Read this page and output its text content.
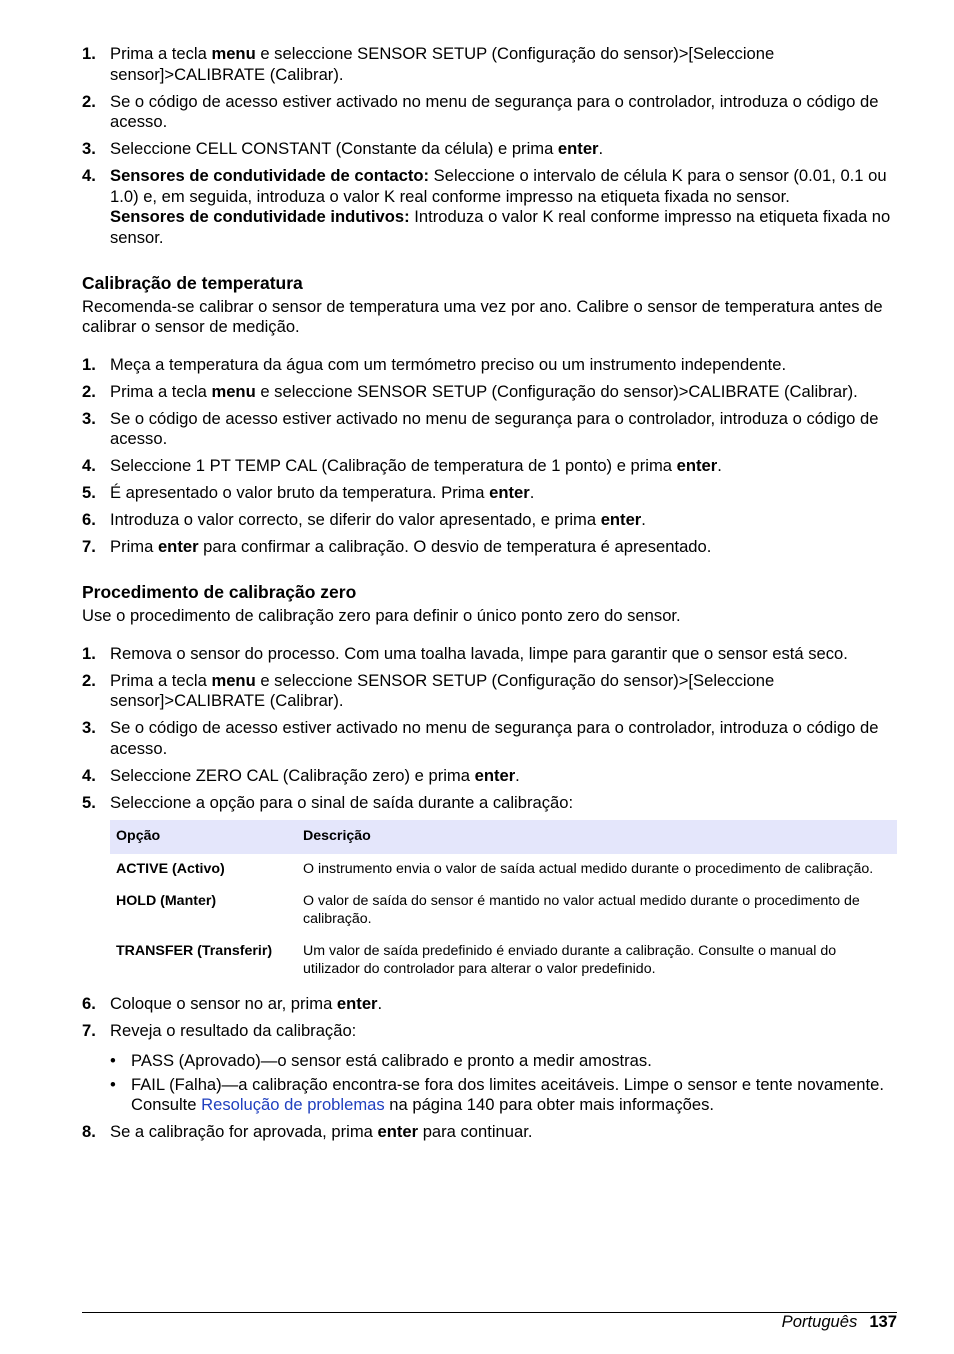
1. Prima a tecla menu e seleccione SENSOR SETUP (Configuração do sensor)>[Seleccione sensor]>CALIBRATE (Calibrar).
2. Se o código de acesso estiver activado no menu de segurança para o controlador, introduza o código de acesso.
3. Seleccione CELL CONSTANT (Constante da célula) e prima enter.
4. Sensores de condutividade de contacto: Seleccione o intervalo de célula K para o sensor (0.01, 0.1 ou 1.0) e, em seguida, introduza o valor K real conforme impresso na etiqueta fixada no sensor.
Sensores de condutividade indutivos: Introduza o valor K real conforme impresso na etiqueta fixada no sensor.
Calibração de temperatura

Recomenda-se calibrar o sensor de temperatura uma vez por ano. Calibre o sensor de temperatura antes de calibrar o sensor de medição.

1. Meça a temperatura da água com um termómetro preciso ou um instrumento independente.
2. Prima a tecla menu e seleccione SENSOR SETUP (Configuração do sensor)>CALIBRATE (Calibrar).
3. Se o código de acesso estiver activado no menu de segurança para o controlador, introduza o código de acesso.
4. Seleccione 1 PT TEMP CAL (Calibração de temperatura de 1 ponto) e prima enter.
5. É apresentado o valor bruto da temperatura. Prima enter.
6. Introduza o valor correcto, se diferir do valor apresentado, e prima enter.
7. Prima enter para confirmar a calibração. O desvio de temperatura é apresentado.
Procedimento de calibração zero

Use o procedimento de calibração zero para definir o único ponto zero do sensor.

1. Remova o sensor do processo. Com uma toalha lavada, limpe para garantir que o sensor está seco.
2. Prima a tecla menu e seleccione SENSOR SETUP (Configuração do sensor)>[Seleccione sensor]>CALIBRATE (Calibrar).
3. Se o código de acesso estiver activado no menu de segurança para o controlador, introduza o código de acesso.
4. Seleccione ZERO CAL (Calibração zero) e prima enter.
5. Seleccione a opção para o sinal de saída durante a calibração:
Opção	Descrição
ACTIVE (Activo)	O instrumento envia o valor de saída actual medido durante o procedimento de calibração.
HOLD (Manter)	O valor de saída do sensor é mantido no valor actual medido durante o procedimento de calibração.
TRANSFER (Transferir)	Um valor de saída predefinido é enviado durante a calibração. Consulte o manual do utilizador do controlador para alterar o valor predefinido.
6. Coloque o sensor no ar, prima enter.
7. Reveja o resultado da calibração:
• PASS (Aprovado)—o sensor está calibrado e pronto a medir amostras.
• FAIL (Falha)—a calibração encontra-se fora dos limites aceitáveis. Limpe o sensor e tente novamente. Consulte Resolução de problemas na página 140 para obter mais informações.
8. Se a calibração for aprovada, prima enter para continuar.
Português 137
